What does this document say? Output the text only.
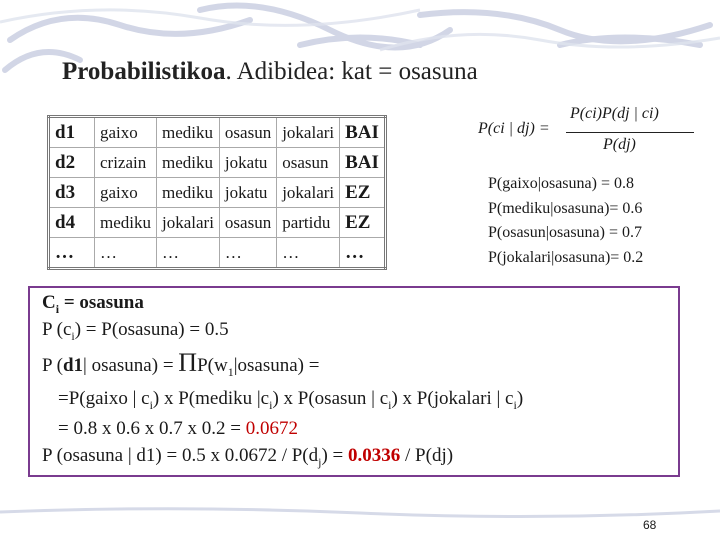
Probabilistikoa. Adibidea: kat = osasuna
d1	gaixo	mediku	osasun	jokalari	BAI
d2	crizain	mediku	jokatu	osasun	BAI
d3	gaixo	mediku	jokatu	jokalari	EZ
d4	mediku	jokalari	osasun	partidu	EZ
…	…	…	…	…	…
P(ci | dj) =
P(ci)P(dj | ci)
P(dj)
P(gaixo|osasuna) = 0.8
P(mediku|osasuna)= 0.6
P(osasun|osasuna) = 0.7
P(jokalari|osasuna)= 0.2
$C_i$ = osasuna
P $(c_i)$ = P(osasuna) = 0.5
P (d1| osasuna) = $\Pi P(w_1|osasuna)$ =
=P(gaixo | $c_i$) x P(mediku $|c_i$) x P(osasun | $c_i$) x P(jokalari | $c_i$)
= 0.8 x 0.6 x 0.7 x 0.2 = 0.0672
P (osasuna | d1) = 0.5 x $0.0672 / P(d_j) = 0.0336 / P(dj)$
68
